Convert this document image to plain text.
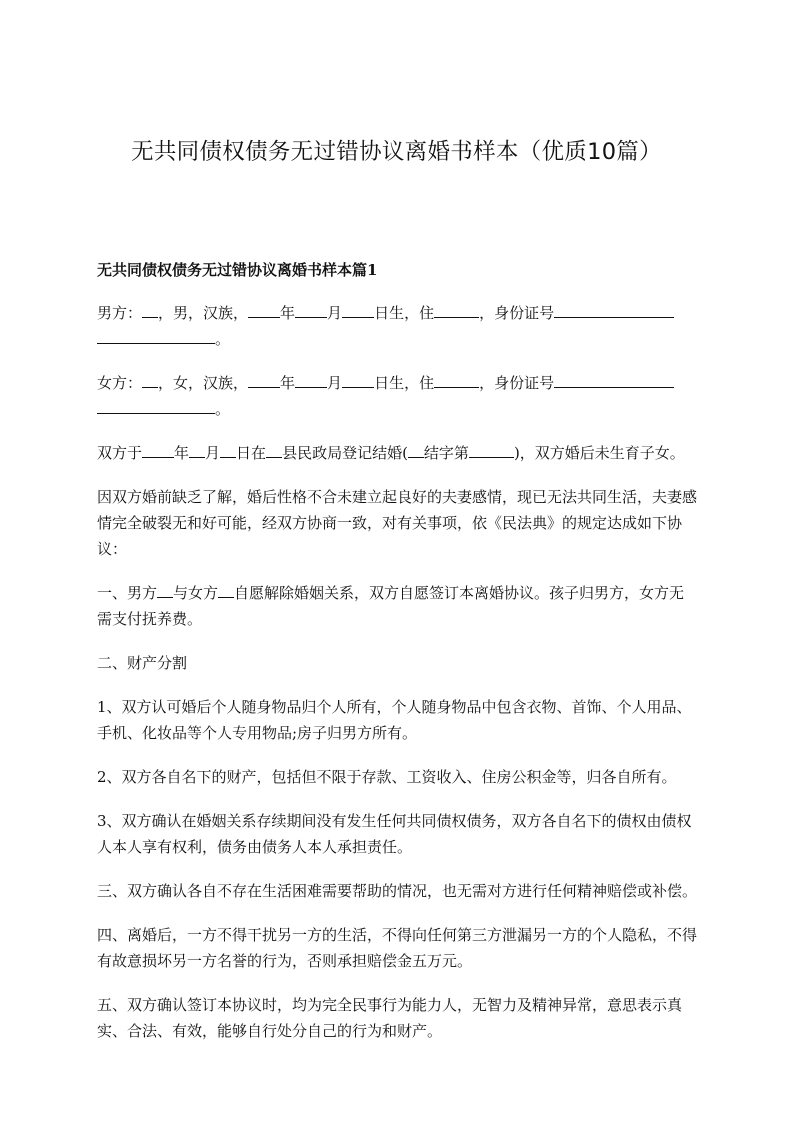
无共同债权债务无过错协议离婚书样本（优质10篇）
无共同债权债务无过错协议离婚书样本篇1

男方： ，男，汉族， 年 月 日生，住	，身份证号
。

女方： ，女，汉族， 年 月 日生，住	，身份证号
。

双方于 年 月 日在 县民政局登记结婚( 结字第	)，双方婚后未生育子女。

因双方婚前缺乏了解，婚后性格不合未建立起良好的夫妻感情，现已无法共同生活，夫妻感情完全破裂无和好可能，经双方协商一致，对有关事项，依《民法典》的规定达成如下协议：

一、男方 与女方 自愿解除婚姻关系，双方自愿签订本离婚协议。孩子归男方，女方无需支付抚养费。

二、财产分割

1、双方认可婚后个人随身物品归个人所有，个人随身物品中包含衣物、首饰、个人用品、手机、化妆品等个人专用物品;房子归男方所有。

2、双方各自名下的财产，包括但不限于存款、工资收入、住房公积金等，归各自所有。

3、双方确认在婚姻关系存续期间没有发生任何共同债权债务，双方各自名下的债权由债权人本人享有权利，债务由债务人本人承担责任。

三、双方确认各自不存在生活困难需要帮助的情况，也无需对方进行任何精神赔偿或补偿。

四、离婚后，一方不得干扰另一方的生活，不得向任何第三方泄漏另一方的个人隐私，不得有故意损坏另一方名誉的行为，否则承担赔偿金五万元。

五、双方确认签订本协议时，均为完全民事行为能力人，无智力及精神异常，意思表示真实、合法、有效，能够自行处分自己的行为和财产。
